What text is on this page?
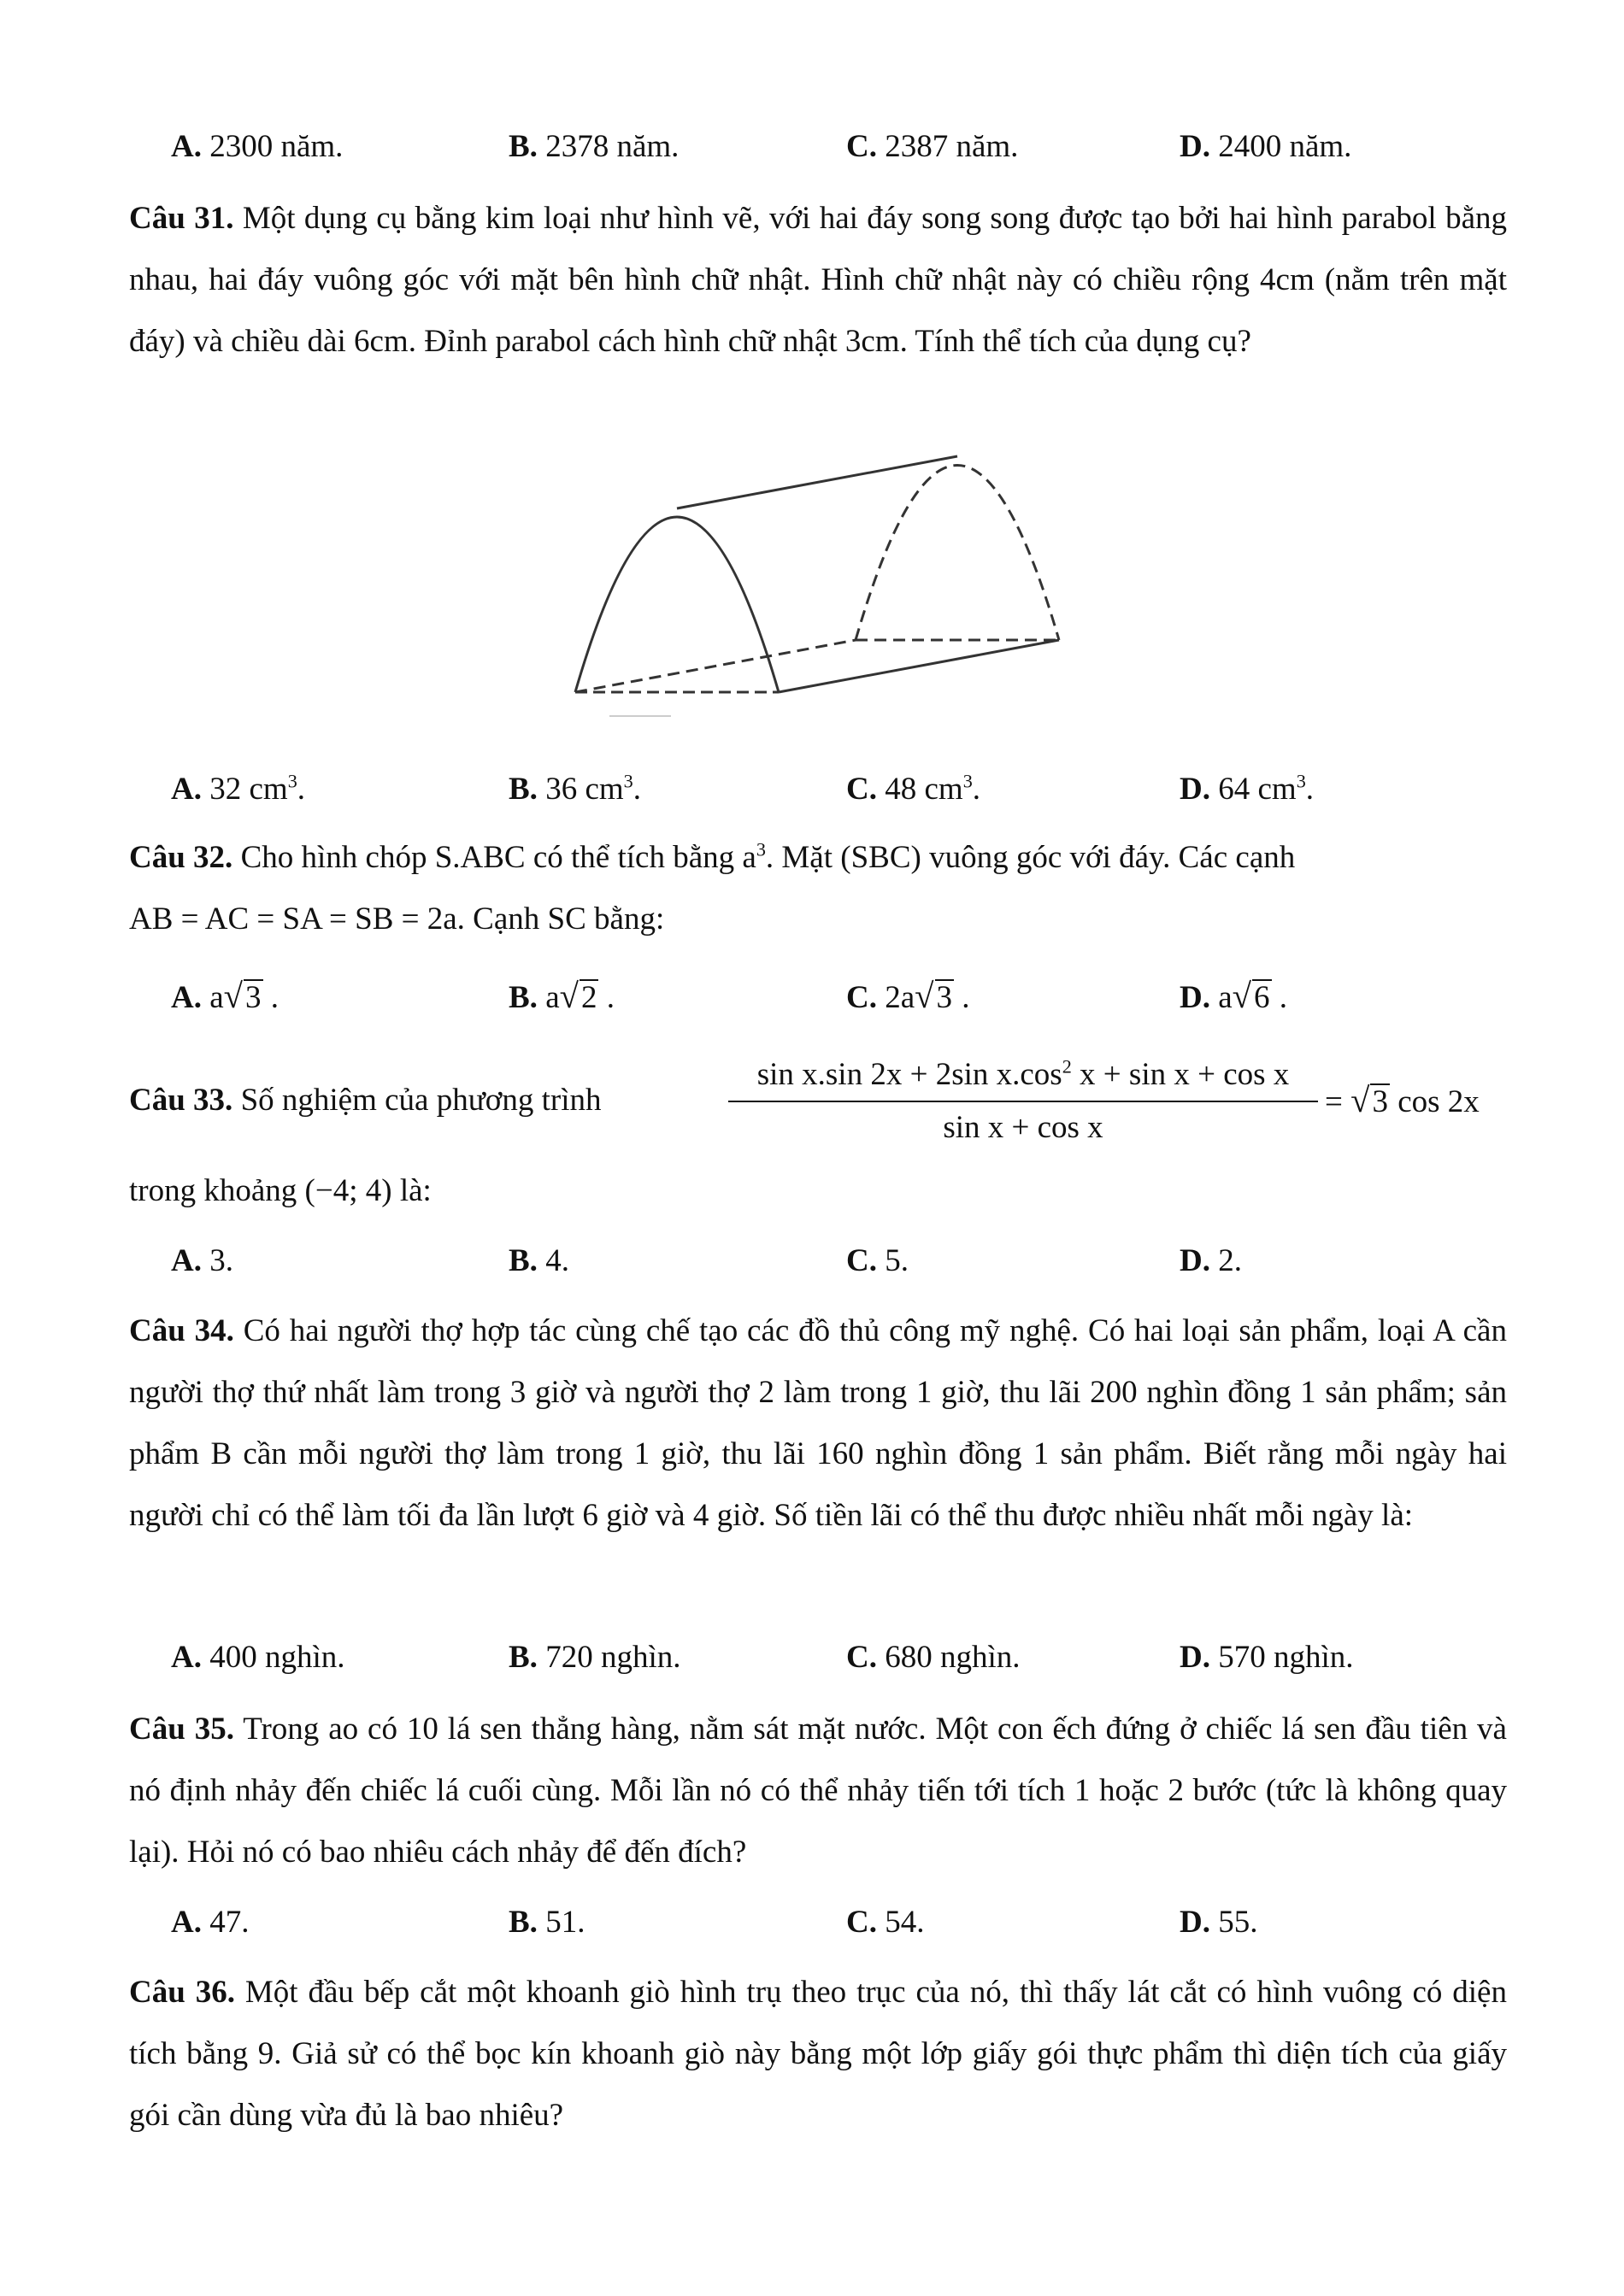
A. 2300 năm.	B. 2378 năm.	C. 2387 năm.	D. 2400 năm.
Câu 31. Một dụng cụ bằng kim loại như hình vẽ, với hai đáy song song được tạo bởi hai hình parabol bằng nhau, hai đáy vuông góc với mặt bên hình chữ nhật. Hình chữ nhật này có chiều rộng 4cm (nằm trên mặt đáy) và chiều dài 6cm. Đỉnh parabol cách hình chữ nhật 3cm. Tính thể tích của dụng cụ?
A. 32 $cm^3$.	B. 36 $cm^3$.	C. 48 $cm^3$.	D. 64 $cm^3$.
Câu 32. Cho hình chóp S.ABC có thể tích bằng $a^3$. Mặt (SBC) vuông góc với đáy. Các cạnh
AB = AC = SA = SB = 2a. Cạnh SC bằng:
A. a√3 .	B. a√2 .	C. 2a√3 .	D. a√6 .
Câu 33. Số nghiệm của phương trình
sin x.sin 2x + 2sin $x.\cos^2$ x + sin x + cos x
sin x + cos x
= √3 cos 2x
trong khoảng (−4; 4) là:
A. 3.	B. 4.	C. 5.	D. 2.
Câu 34. Có hai người thợ hợp tác cùng chế tạo các đồ thủ công mỹ nghệ. Có hai loại sản phẩm, loại A cần người thợ thứ nhất làm trong 3 giờ và người thợ 2 làm trong 1 giờ, thu lãi 200 nghìn đồng 1 sản phẩm; sản phẩm B cần mỗi người thợ làm trong 1 giờ, thu lãi 160 nghìn đồng 1 sản phẩm. Biết rằng mỗi ngày hai người chỉ có thể làm tối đa lần lượt 6 giờ và 4 giờ. Số tiền lãi có thể thu được nhiều nhất mỗi ngày là:
A. 400 nghìn.	B. 720 nghìn.	C. 680 nghìn.	D. 570 nghìn.
Câu 35. Trong ao có 10 lá sen thẳng hàng, nằm sát mặt nước. Một con ếch đứng ở chiếc lá sen đầu tiên và nó định nhảy đến chiếc lá cuối cùng. Mỗi lần nó có thể nhảy tiến tới tích 1 hoặc 2 bước (tức là không quay lại). Hỏi nó có bao nhiêu cách nhảy để đến đích?
A. 47.	B. 51.	C. 54.	D. 55.
Câu 36. Một đầu bếp cắt một khoanh giò hình trụ theo trục của nó, thì thấy lát cắt có hình vuông có diện tích bằng 9. Giả sử có thể bọc kín khoanh giò này bằng một lớp giấy gói thực phẩm thì diện tích của giấy gói cần dùng vừa đủ là bao nhiêu?
